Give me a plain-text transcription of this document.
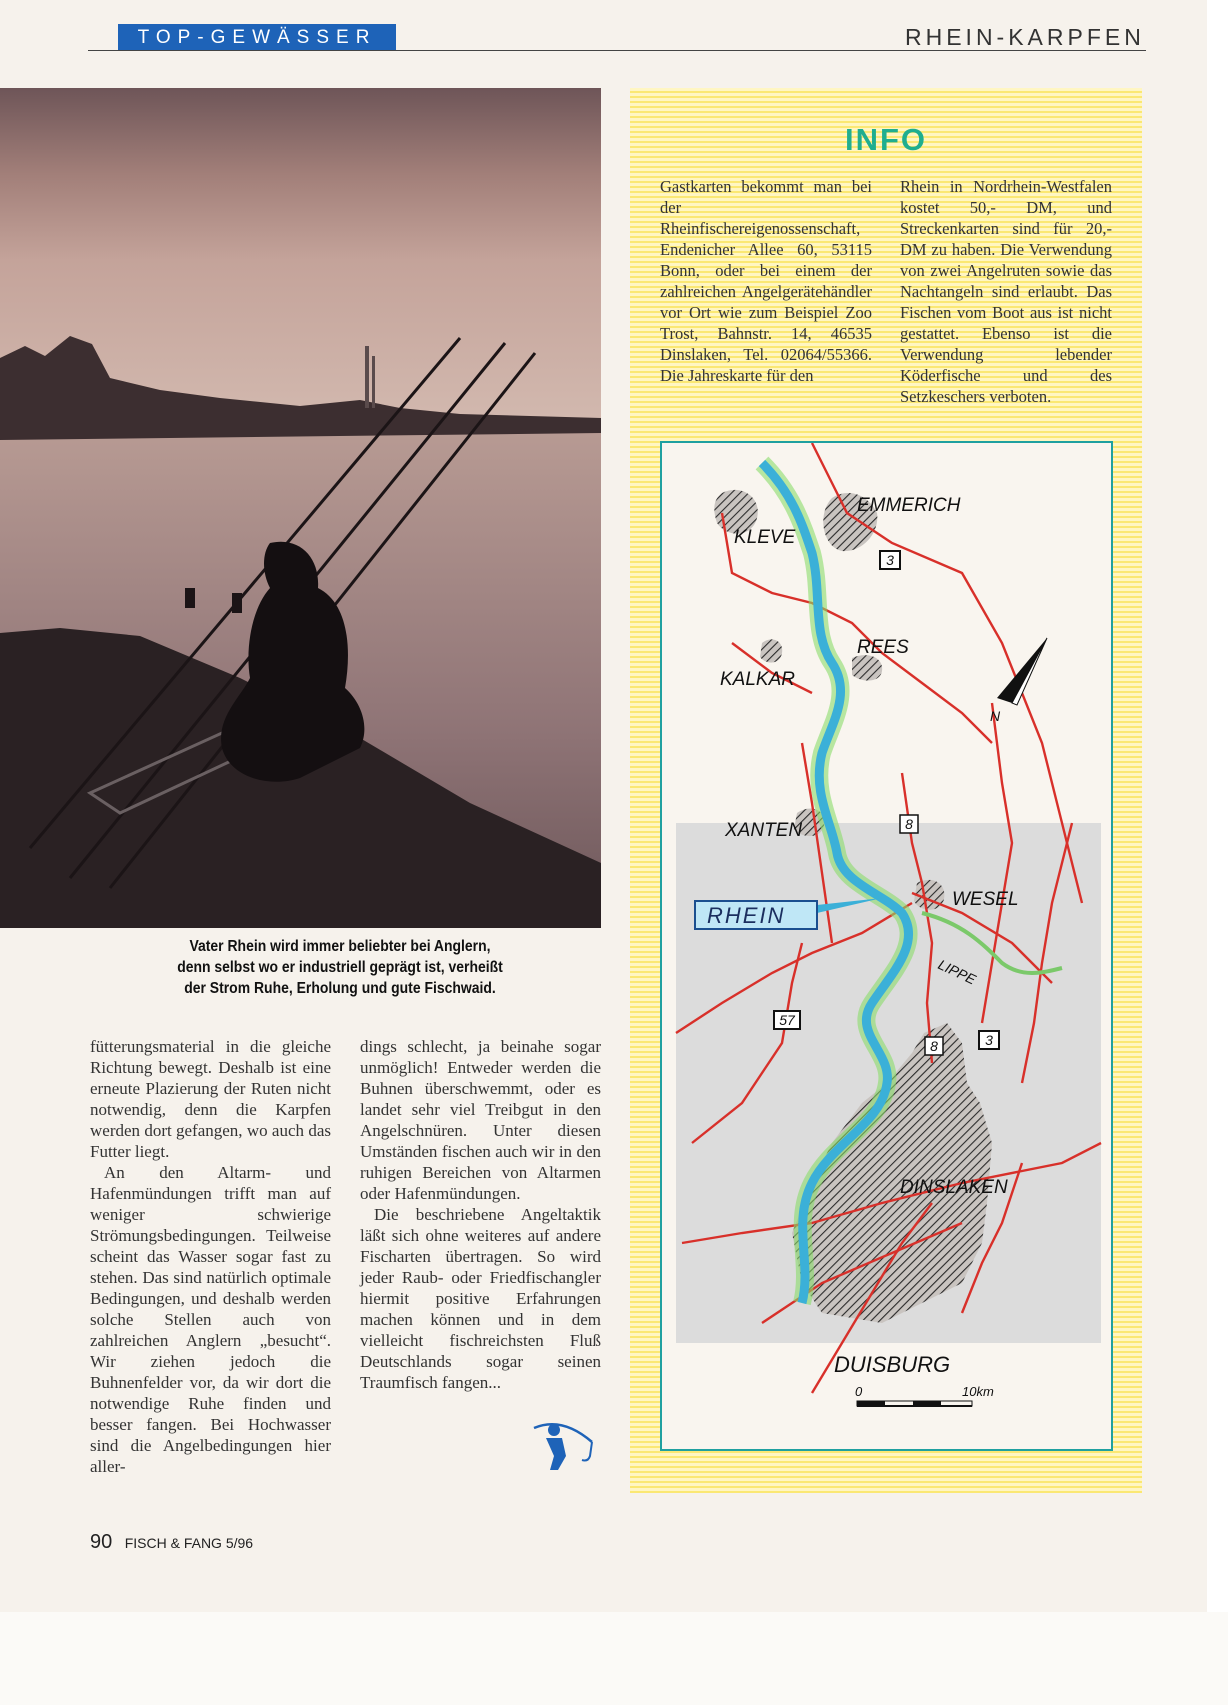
TOP-GEWÄSSER	RHEIN-KARPFEN
Vater Rhein wird immer beliebter bei Anglern,
denn selbst wo er industriell geprägt ist, verheißt
der Strom Ruhe, Erholung und gute Fischwaid.

fütterungsmaterial in die gleiche Richtung bewegt. Deshalb ist eine erneute Plazierung der Ruten nicht notwendig, denn die Karpfen werden dort gefangen, wo auch das Futter liegt.

An den Altarm- und Hafenmündungen trifft man auf weniger schwierige Strömungsbedingungen. Teilweise scheint das Wasser sogar fast zu stehen. Das sind natürlich optimale Bedingungen, und deshalb werden solche Stellen auch von zahlreichen Anglern „besucht“. Wir ziehen jedoch die Buhnenfelder vor, da wir dort die notwendige Ruhe finden und besser fangen. Bei Hochwasser sind die Angelbedingungen hier aller-

dings schlecht, ja beinahe sogar unmöglich! Entweder werden die Buhnen überschwemmt, oder es landet sehr viel Treibgut in den Angelschnüren. Unter diesen Umständen fischen auch wir in den ruhigen Bereichen von Altarmen oder Hafenmündungen.

Die beschriebene Angeltaktik läßt sich ohne weiteres auf andere Fischarten übertragen. So wird jeder Raub- oder Friedfischangler hiermit positive Erfahrungen machen können und in dem vielleicht fischreichsten Fluß Deutschlands sogar seinen Traumfisch fangen...

90 FISCH & FANG 5/96
INFO

Gastkarten bekommt man bei der Rheinfischereigenossenschaft, Endenicher Allee 60, 53115 Bonn, oder bei einem der zahlreichen Angelgerätehändler vor Ort wie zum Beispiel Zoo Trost, Bahnstr. 14, 46535 Dinslaken, Tel. 02064/55366. Die Jahreskarte für den

Rhein in Nordrhein-Westfalen kostet 50,- DM, und Streckenkarten sind für 20,- DM zu haben. Die Verwendung von zwei Angelruten sowie das Nachtangeln sind erlaubt. Das Fischen vom Boot aus ist nicht gestattet. Ebenso ist die Verwendung lebender Köderfische und des Setzkeschers verboten.

EMMERICH
KLEVE
REES
KALKAR
XANTEN
WESEL
DINSLAKEN
DUISBURG
RHEIN
LIPPE
3
8
8
57
3
N
0	10km
